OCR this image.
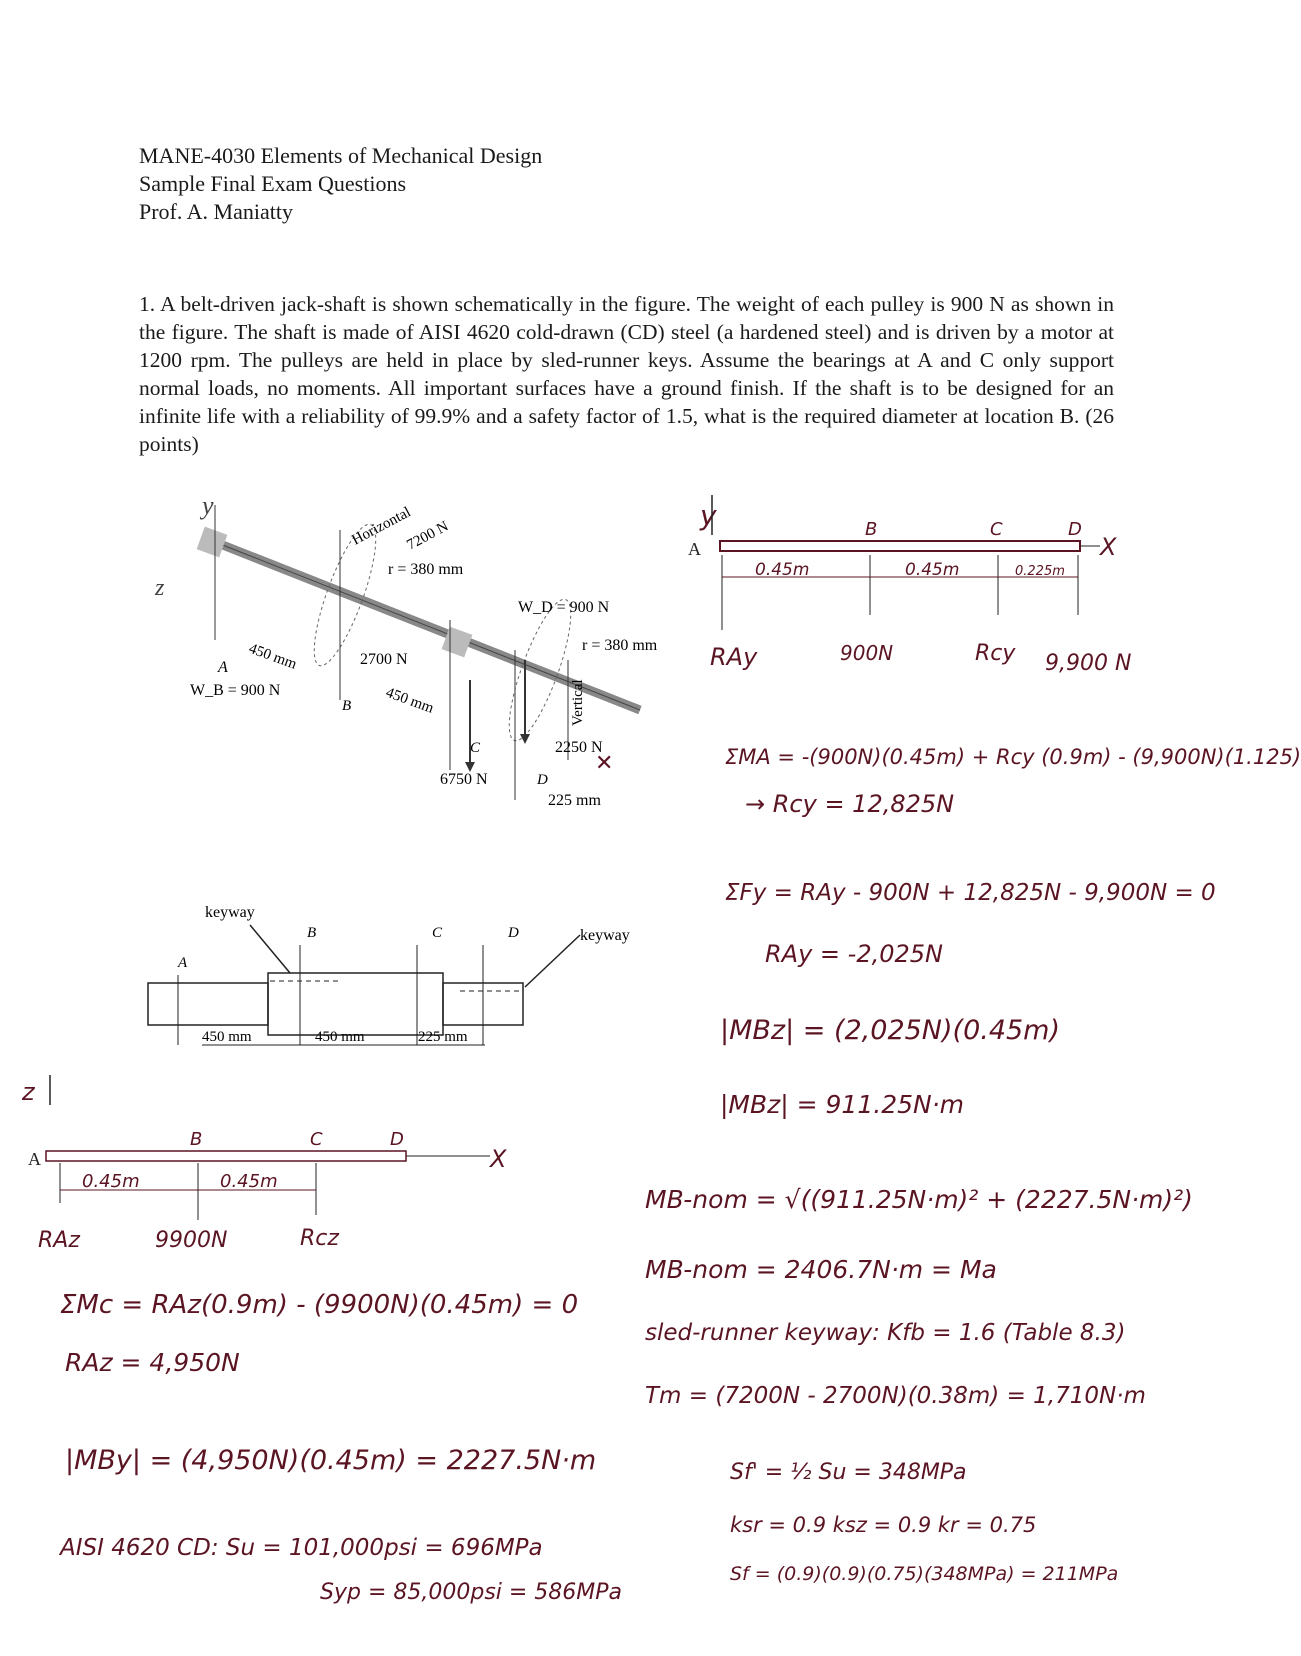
MANE-4030 Elements of Mechanical Design
Sample Final Exam Questions
Prof. A. Maniatty
1. A belt-driven jack-shaft is shown schematically in the figure. The weight of each pulley is 900 N as shown in the figure. The shaft is made of AISI 4620 cold-drawn (CD) steel (a hardened steel) and is driven by a motor at 1200 rpm. The pulleys are held in place by sled-runner keys. Assume the bearings at A and C only support normal loads, no moments. All important surfaces have a ground finish. If the shaft is to be designed for an infinite life with a reliability of 99.9% and a safety factor of 1.5, what is the required diameter at location B. (26 points)
y
z
Horizontal
7200 N
r = 380 mm
W_D = 900 N
r = 380 mm
450 mm
A
W_B = 900 N
2700 N
B 450 mm	Vertical
2250 N
C
6750 N	D
225 mm
✕
keyway
keyway
A
B	C	D
450 mm	450 mm	225 mm
y
A	X
B	C	D
0.45m	0.45m	0.225m
RAy	900N	Rcy 9,900 N
ΣMA = -(900N)(0.45m) + Rcy (0.9m) - (9,900N)(1.125)
→ Rcy = 12,825N
ΣFy = RAy - 900N + 12,825N - 9,900N = 0
RAy = -2,025N
|MBz| = (2,025N)(0.45m)
|MBz| = 911.25N·m
MB-nom = √((911.25N·m)² + (2227.5N·m)²)
MB-nom = 2406.7N·m = Ma
sled-runner keyway: Kfb = 1.6 (Table 8.3)
Tm = (7200N - 2700N)(0.38m) = 1,710N·m
Sf' = ½ Su = 348MPa
ksr = 0.9 ksz = 0.9 kr = 0.75
Sf = (0.9)(0.9)(0.75)(348MPa) = 211MPa
z
A	X
B	C	D
0.45m	0.45m
RAz	9900N	Rcz
ΣMc = RAz(0.9m) - (9900N)(0.45m) = 0
RAz = 4,950N
|MBy| = (4,950N)(0.45m) = 2227.5N·m
AISI 4620 CD: Su = 101,000psi = 696MPa
Syp = 85,000psi = 586MPa
